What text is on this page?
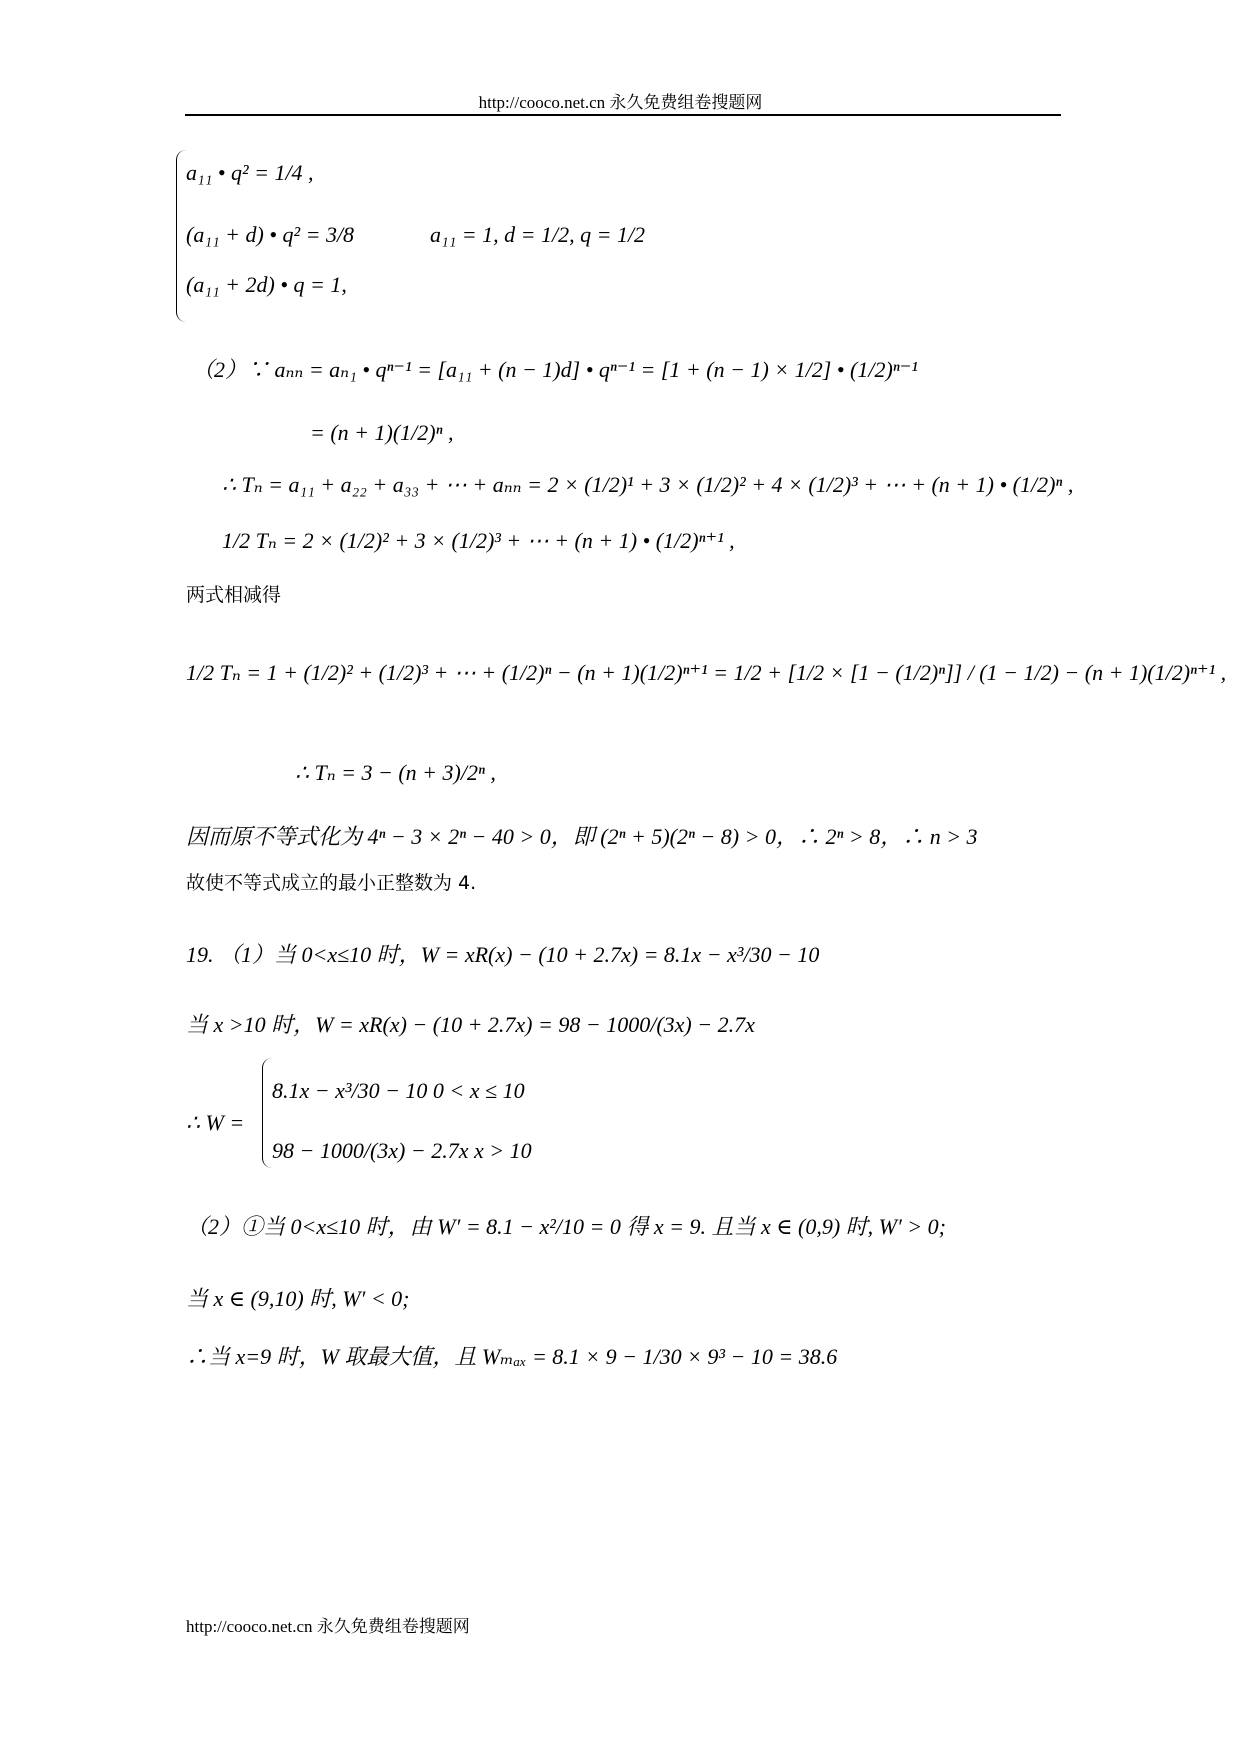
http://cooco.net.cn 永久免费组卷搜题网
a₁₁ • q² = 1/4 ,
(a₁₁ + d) • q² = 3/8
(a₁₁ + 2d) • q = 1,
a₁₁ = 1, d = 1/2, q = 1/2
（2）∵ aₙₙ = aₙ₁ • qⁿ⁻¹ = [a₁₁ + (n − 1)d] • qⁿ⁻¹ = [1 + (n − 1) × 1/2] • (1/2)ⁿ⁻¹
= (n + 1)(1/2)ⁿ ,
∴ Tₙ = a₁₁ + a₂₂ + a₃₃ + ⋯ + aₙₙ = 2 × (1/2)¹ + 3 × (1/2)² + 4 × (1/2)³ + ⋯ + (n + 1) • (1/2)ⁿ ,
1/2 Tₙ = 2 × (1/2)² + 3 × (1/2)³ + ⋯ + (n + 1) • (1/2)ⁿ⁺¹ ,
两式相减得
1/2 Tₙ = 1 + (1/2)² + (1/2)³ + ⋯ + (1/2)ⁿ − (n + 1)(1/2)ⁿ⁺¹ = 1/2 + [1/2 × [1 − (1/2)ⁿ]] / (1 − 1/2) − (n + 1)(1/2)ⁿ⁺¹ ,
∴ Tₙ = 3 − (n + 3)/2ⁿ ,
因而原不等式化为 4ⁿ − 3 × 2ⁿ − 40 > 0，即 (2ⁿ + 5)(2ⁿ − 8) > 0，∴ 2ⁿ > 8，∴ n > 3
故使不等式成立的最小正整数为 4.
19. （1）当 0<x≤10 时，W = xR(x) − (10 + 2.7x) = 8.1x − x³/30 − 10
当 x >10 时，W = xR(x) − (10 + 2.7x) = 98 − 1000/(3x) − 2.7x
∴ W =
8.1x − x³/30 − 10 0 < x ≤ 10
98 − 1000/(3x) − 2.7x x > 10
（2）①当 0<x≤10 时，由 W′ = 8.1 − x²/10 = 0 得 x = 9. 且当 x ∈ (0,9) 时, W′ > 0;
当 x ∈ (9,10) 时, W′ < 0;
∴当 x=9 时，W 取最大值，且 Wₘₐₓ = 8.1 × 9 − 1/30 × 9³ − 10 = 38.6
http://cooco.net.cn 永久免费组卷搜题网
